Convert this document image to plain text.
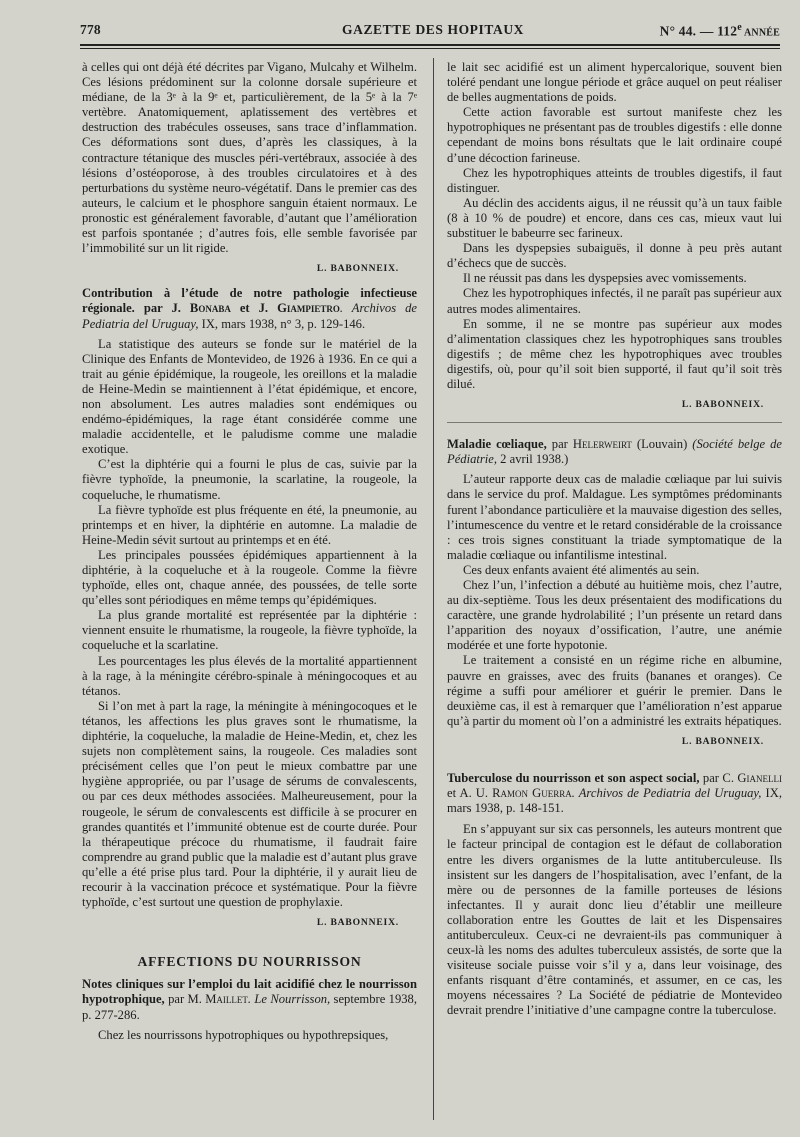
778	GAZETTE DES HOPITAUX	N° 44. — 112e ANNÉE

à celles qui ont déjà été décrites par Vigano, Mulcahy et Wilhelm. Ces lésions prédominent sur la colonne dorsale supérieure et médiane, de la 3ᵉ à la 9ᵉ et, particulièrement, de la 5ᵉ à la 7ᵉ vertèbre. Anatomiquement, aplatissement des vertèbres et destruction des trabécules osseuses, sans trace d’inflammation. Ces déformations sont dues, d’après les classiques, à la contracture tétanique des muscles péri-vertébraux, associée à des lésions d’ostéoporose, à des troubles circulatoires et à des perturbations du système neuro-végétatif. Dans le premier cas des auteurs, le calcium et le phosphore sanguin étaient normaux. Le pronostic est généralement favorable, d’autant que l’amélioration est parfois spontanée ; d’autres fois, elle semble favorisée par l’immobilité sur un lit rigide.

L. BABONNEIX.

Contribution à l’étude de notre pathologie infectieuse régionale. par J. Bonaba et J. Giampietro. Archivos de Pediatria del Uruguay, IX, mars 1938, n° 3, p. 129-146.

La statistique des auteurs se fonde sur le matériel de la Clinique des Enfants de Montevideo, de 1926 à 1936. En ce qui a trait au génie épidémique, la rougeole, les oreillons et la maladie de Heine-Medin se maintiennent à l’état épidémique, et encore, non absolument. Les autres maladies sont endémiques ou endémo-épidémiques, la rage étant considérée comme une maladie accidentelle, et le paludisme comme une maladie exotique.

C’est la diphtérie qui a fourni le plus de cas, suivie par la fièvre typhoïde, la pneumonie, la scarlatine, la rougeole, la coqueluche, le rhumatisme.

La fièvre typhoïde est plus fréquente en été, la pneumonie, au printemps et en hiver, la diphtérie en automne. La maladie de Heine-Medin sévit surtout au printemps et en été.

Les principales poussées épidémiques appartiennent à la diphtérie, à la coqueluche et à la rougeole. Comme la fièvre typhoïde, elles ont, chaque année, des poussées, de telle sorte qu’elles sont périodiques en même temps qu’épidémiques.

La plus grande mortalité est représentée par la diphtérie : viennent ensuite le rhumatisme, la rougeole, la fièvre typhoïde, la coqueluche et la scarlatine.

Les pourcentages les plus élevés de la mortalité appartiennent à la rage, à la méningite cérébro-spinale à méningocoques et au tétanos.

Si l’on met à part la rage, la méningite à méningocoques et le tétanos, les affections les plus graves sont le rhumatisme, la diphtérie, la coqueluche, la maladie de Heine-Medin, et, chez les sujets non complètement sains, la rougeole. Ces maladies sont précisément celles que l’on peut le mieux combattre par une hygiène appropriée, ou par l’usage de sérums de convalescents, ou par ces deux méthodes associées. Malheureusement, pour la rougeole, le sérum de convalescents est difficile à se procurer en grandes quantités et l’immunité obtenue est de courte durée. Pour la thérapeutique précoce du rhumatisme, il faudrait faire comprendre au grand public que la maladie est d’autant plus grave qu’elle a été prise plus tard. Pour la diphtérie, il y aurait lieu de recourir à la vaccination précoce et systématique. Pour la fièvre typhoïde, c’est surtout une question de prophylaxie.

L. BABONNEIX.
AFFECTIONS DU NOURRISSON

Notes cliniques sur l’emploi du lait acidifié chez le nourrisson hypotrophique, par M. Maillet. Le Nourrisson, septembre 1938, p. 277-286.

Chez les nourrissons hypotrophiques ou hypothrepsiques,

le lait sec acidifié est un aliment hypercalorique, souvent bien toléré pendant une longue période et grâce auquel on peut réaliser de belles augmentations de poids.

Cette action favorable est surtout manifeste chez les hypotrophiques ne présentant pas de troubles digestifs : elle donne cependant de moins bons résultats que le lait ordinaire coupé d’une décoction farineuse.

Chez les hypotrophiques atteints de troubles digestifs, il faut distinguer.

Au déclin des accidents aigus, il ne réussit qu’à un taux faible (8 à 10 % de poudre) et encore, dans ces cas, mieux vaut lui substituer le babeurre sec farineux.

Dans les dyspepsies subaiguës, il donne à peu près autant d’échecs que de succès.

Il ne réussit pas dans les dyspepsies avec vomissements.

Chez les hypotrophiques infectés, il ne paraît pas supérieur aux autres modes alimentaires.

En somme, il ne se montre pas supérieur aux modes d’alimentation classiques chez les hypotrophiques sans troubles digestifs ; de même chez les hypotrophiques avec troubles digestifs, où, pour qu’il soit bien supporté, il faut qu’il soit très dilué.

L. BABONNEIX.

Maladie cœliaque, par Helerweirt (Louvain) (Société belge de Pédiatrie, 2 avril 1938.)

L’auteur rapporte deux cas de maladie cœliaque par lui suivis dans le service du prof. Maldague. Les symptômes prédominants furent l’abondance particulière et la mauvaise digestion des selles, l’intumescence du ventre et le retard considérable de la croissance : ces trois signes constituant la triade symptomatique de la maladie cœliaque ou infantilisme intestinal.

Ces deux enfants avaient été alimentés au sein.

Chez l’un, l’infection a débuté au huitième mois, chez l’autre, au dix-septième. Tous les deux présentaient des modifications du caractère, une grande hydrolabilité ; l’un présente un retard dans l’apparition des noyaux d’ossification, l’autre, une anémie modérée et une forte hypotonie.

Le traitement a consisté en un régime riche en albumine, pauvre en graisses, avec des fruits (bananes et oranges). Ce régime a suffi pour améliorer et guérir le premier. Dans le deuxième cas, il est à remarquer que l’amélioration n’est apparue qu’à partir du moment où l’on a administré les extraits hépatiques.

L. BABONNEIX.

Tuberculose du nourrisson et son aspect social, par C. Gianelli et A. U. Ramon Guerra. Archivos de Pediatria del Uruguay, IX, mars 1938, p. 148-151.

En s’appuyant sur six cas personnels, les auteurs montrent que le facteur principal de contagion est le défaut de collaboration entre les divers organismes de la lutte antituberculeuse. Ils insistent sur les dangers de l’hospitalisation, avec l’enfant, de la mère ou de personnes de la famille porteuses de lésions infectantes. Il y aurait donc lieu d’établir une meilleure collaboration entre les Gouttes de lait et les Dispensaires antituberculeux. Ceux-ci ne devraient-ils pas communiquer à ceux-là les noms des adultes tuberculeux assistés, de sorte que la visiteuse sociale puisse voir s’il y a, dans leur voisinage, des enfants risquant d’être contaminés, et assumer, en ce cas, les moyens nécessaires ? La Société de pédiatrie de Montevideo devrait prendre l’initiative d’une campagne contre la tuberculose.
